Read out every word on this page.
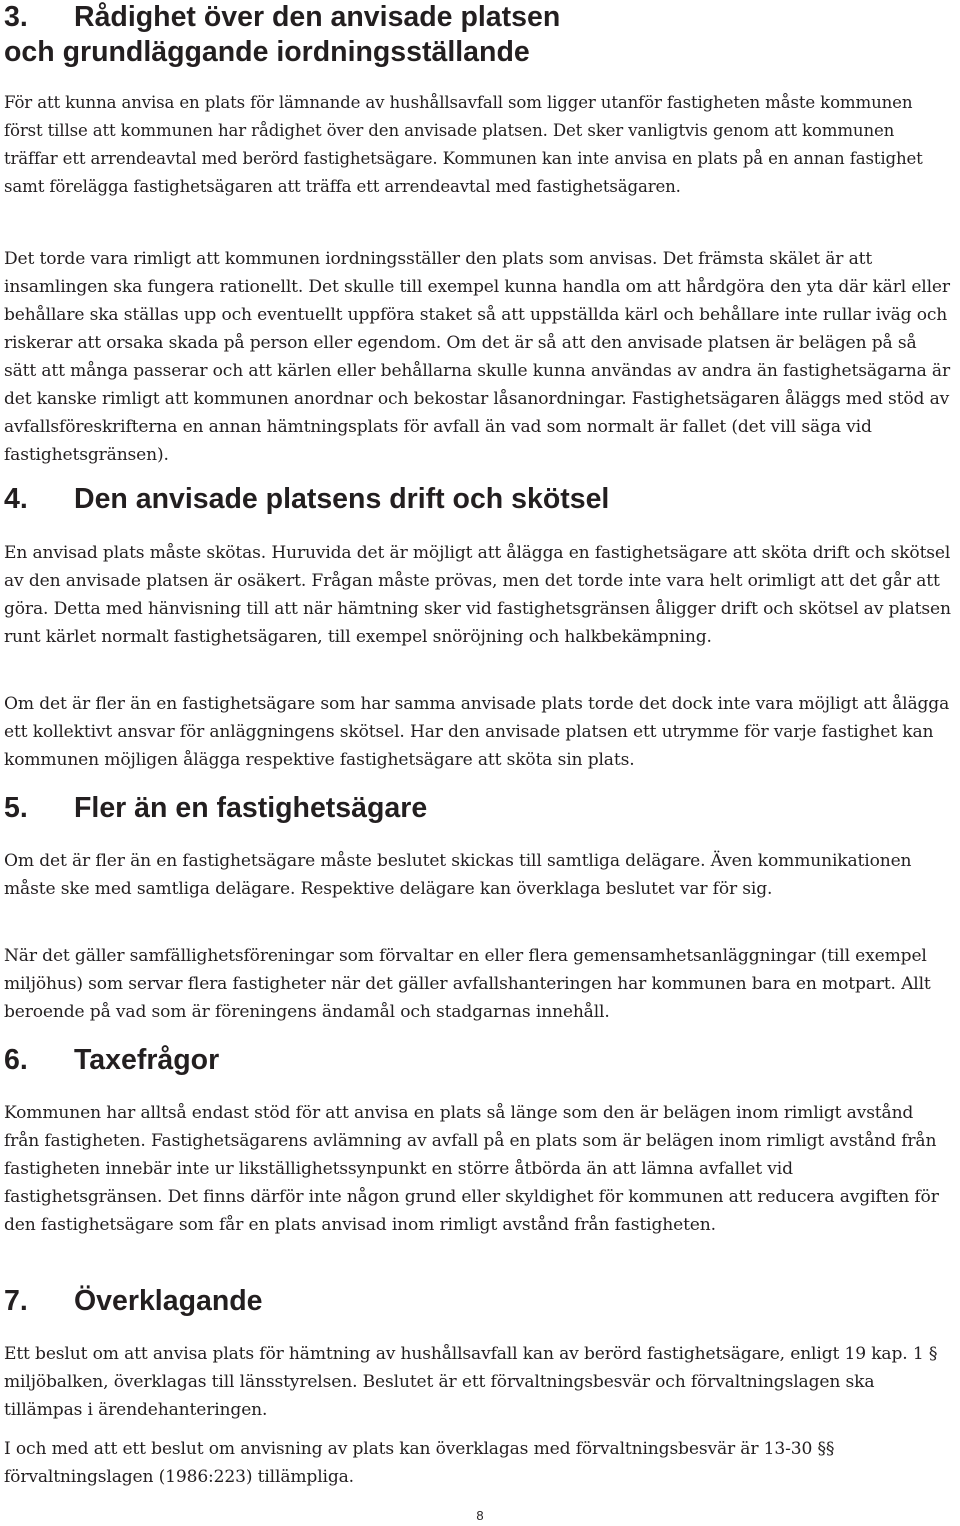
3.	Rådighet över den anvisade platsen
och grundläggande iordningsställande

För att kunna anvisa en plats för lämnande av hushållsavfall som ligger utanför fastigheten måste kommunen först tillse att kommunen har rådighet över den anvisade platsen. Det sker vanligtvis genom att kommunen träffar ett arrendeavtal med berörd fastighetsägare. Kommunen kan inte anvisa en plats på en annan fastighet samt förelägga fastighetsägaren att träffa ett arrendeavtal med fastighetsägaren.

Det torde vara rimligt att kommunen iordningsställer den plats som anvisas. Det främsta skälet är att insamlingen ska fungera rationellt. Det skulle till exempel kunna handla om att hårdgöra den yta där kärl eller behållare ska ställas upp och eventuellt uppföra staket så att uppställda kärl och behållare inte rullar iväg och riskerar att orsaka skada på person eller egendom. Om det är så att den anvisade platsen är belägen på så sätt att många passerar och att kärlen eller behållarna skulle kunna användas av andra än fastighetsägarna är det kanske rimligt att kommunen anordnar och bekostar låsanordningar. Fastighetsägaren åläggs med stöd av avfallsföreskrifterna en annan hämtningsplats för avfall än vad som normalt är fallet (det vill säga vid fastighetsgränsen).

4.	Den anvisade platsens drift och skötsel

En anvisad plats måste skötas. Huruvida det är möjligt att ålägga en fastighetsägare att sköta drift och skötsel av den anvisade platsen är osäkert. Frågan måste prövas, men det torde inte vara helt orimligt att det går att göra. Detta med hänvisning till att när hämtning sker vid fastighetsgränsen åligger drift och skötsel av platsen runt kärlet normalt fastighetsägaren, till exempel snöröjning och halkbekämpning.

Om det är fler än en fastighetsägare som har samma anvisade plats torde det dock inte vara möjligt att ålägga ett kollektivt ansvar för anläggningens skötsel. Har den anvisade platsen ett utrymme för varje fastighet kan kommunen möjligen ålägga respektive fastighetsägare att sköta sin plats.

5.	Fler än en fastighetsägare

Om det är fler än en fastighetsägare måste beslutet skickas till samtliga delägare. Även kommunikationen måste ske med samtliga delägare. Respektive delägare kan överklaga beslutet var för sig.

När det gäller samfällighetsföreningar som förvaltar en eller flera gemensamhetsanläggningar (till exempel miljöhus) som servar flera fastigheter när det gäller avfallshanteringen har kommunen bara en motpart. Allt beroende på vad som är föreningens ändamål och stadgarnas innehåll.

6.	Taxefrågor

Kommunen har alltså endast stöd för att anvisa en plats så länge som den är belägen inom rimligt avstånd från fastigheten. Fastighetsägarens avlämning av avfall på en plats som är belägen inom rimligt avstånd från fastigheten innebär inte ur likställighetssynpunkt en större åtbörda än att lämna avfallet vid fastighetsgränsen. Det finns därför inte någon grund eller skyldighet för kommunen att reducera avgiften för den fastighetsägare som får en plats anvisad inom rimligt avstånd från fastigheten.

7.	Överklagande

Ett beslut om att anvisa plats för hämtning av hushållsavfall kan av berörd fastighetsägare, enligt 19 kap. 1 § miljöbalken, överklagas till länsstyrelsen. Beslutet är ett förvaltningsbesvär och förvaltningslagen ska tillämpas i ärendehanteringen.

I och med att ett beslut om anvisning av plats kan överklagas med förvaltningsbesvär är 13-30 §§ förvaltningslagen (1986:223) tillämpliga.

8
